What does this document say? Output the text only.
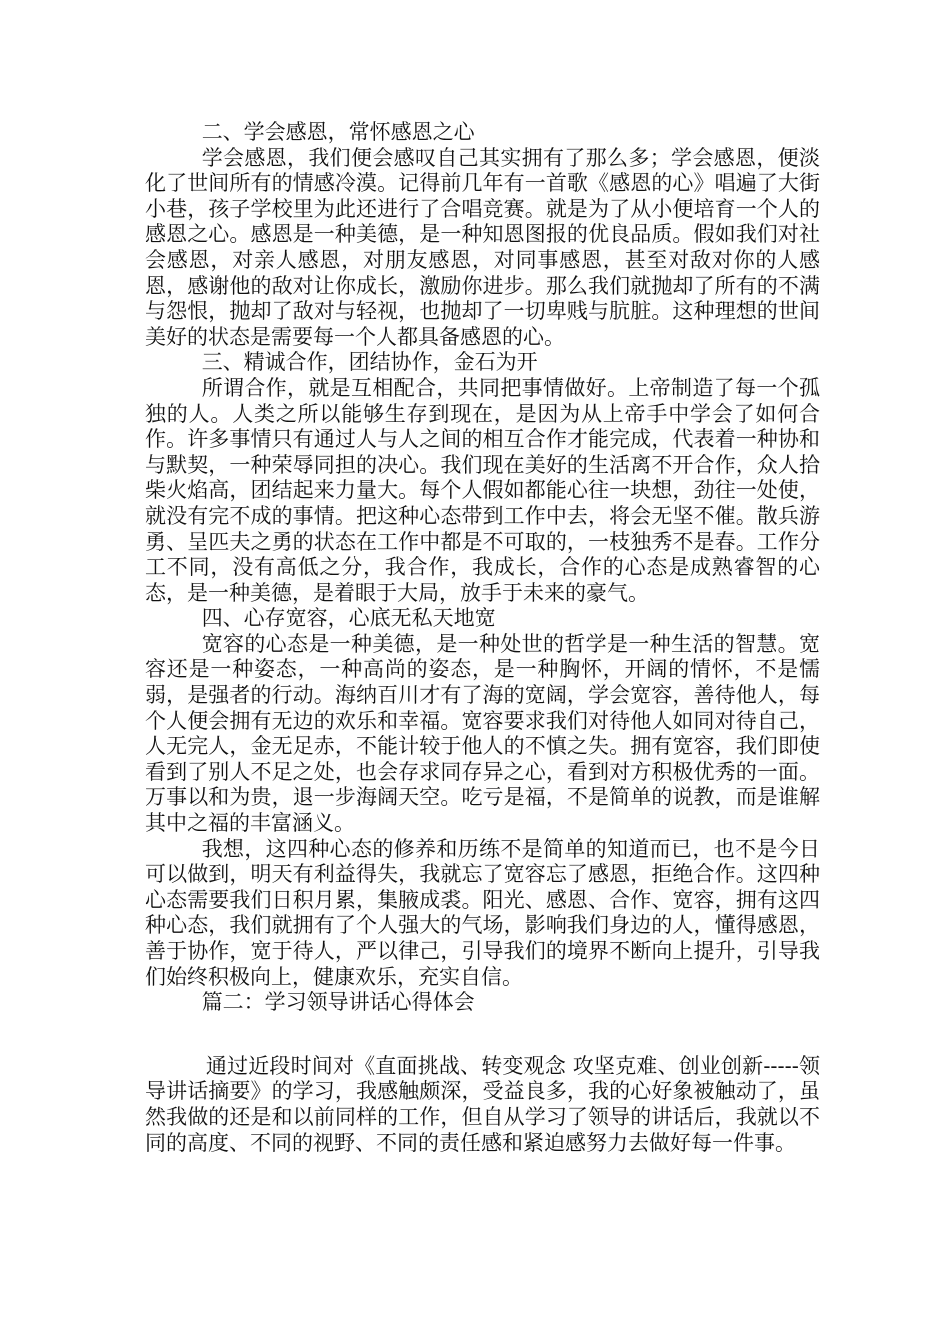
二、学会感恩，常怀感恩之心

学会感恩，我们便会感叹自己其实拥有了那么多；学会感恩，便淡化了世间所有的情感冷漠。记得前几年有一首歌《感恩的心》唱遍了大街小巷，孩子学校里为此还进行了合唱竞赛。就是为了从小便培育一个人的感恩之心。感恩是一种美德，是一种知恩图报的优良品质。假如我们对社会感恩，对亲人感恩，对朋友感恩，对同事感恩，甚至对敌对你的人感恩，感谢他的敌对让你成长，激励你进步。那么我们就抛却了所有的不满与怨恨，抛却了敌对与轻视，也抛却了一切卑贱与肮脏。这种理想的世间美好的状态是需要每一个人都具备感恩的心。

三、精诚合作，团结协作，金石为开

所谓合作，就是互相配合，共同把事情做好。上帝制造了每一个孤独的人。人类之所以能够生存到现在，是因为从上帝手中学会了如何合作。许多事情只有通过人与人之间的相互合作才能完成，代表着一种协和与默契，一种荣辱同担的决心。我们现在美好的生活离不开合作，众人拾柴火焰高，团结起来力量大。每个人假如都能心往一块想，劲往一处使，就没有完不成的事情。把这种心态带到工作中去，将会无坚不催。散兵游勇、呈匹夫之勇的状态在工作中都是不可取的，一枝独秀不是春。工作分工不同，没有高低之分，我合作，我成长，合作的心态是成熟睿智的心态，是一种美德，是着眼于大局，放手于未来的豪气。

四、心存宽容，心底无私天地宽

宽容的心态是一种美德，是一种处世的哲学是一种生活的智慧。宽容还是一种姿态，一种高尚的姿态，是一种胸怀，开阔的情怀，不是懦弱，是强者的行动。海纳百川才有了海的宽阔，学会宽容，善待他人，每个人便会拥有无边的欢乐和幸福。宽容要求我们对待他人如同对待自己，人无完人，金无足赤，不能计较于他人的不慎之失。拥有宽容，我们即使看到了别人不足之处，也会存求同存异之心，看到对方积极优秀的一面。万事以和为贵，退一步海阔天空。吃亏是福，不是简单的说教，而是谁解其中之福的丰富涵义。

我想，这四种心态的修养和历练不是简单的知道而已，也不是今日可以做到，明天有利益得失，我就忘了宽容忘了感恩，拒绝合作。这四种心态需要我们日积月累，集腋成裘。阳光、感恩、合作、宽容，拥有这四种心态，我们就拥有了个人强大的气场，影响我们身边的人，懂得感恩，善于协作，宽于待人，严以律己，引导我们的境界不断向上提升，引导我们始终积极向上，健康欢乐，充实自信。

篇二：学习领导讲话心得体会

通过近段时间对《直面挑战、转变观念 攻坚克难、创业创新-----领导讲话摘要》的学习，我感触颇深，受益良多，我的心好象被触动了，虽然我做的还是和以前同样的工作，但自从学习了领导的讲话后，我就以不同的高度、不同的视野、不同的责任感和紧迫感努力去做好每一件事。
